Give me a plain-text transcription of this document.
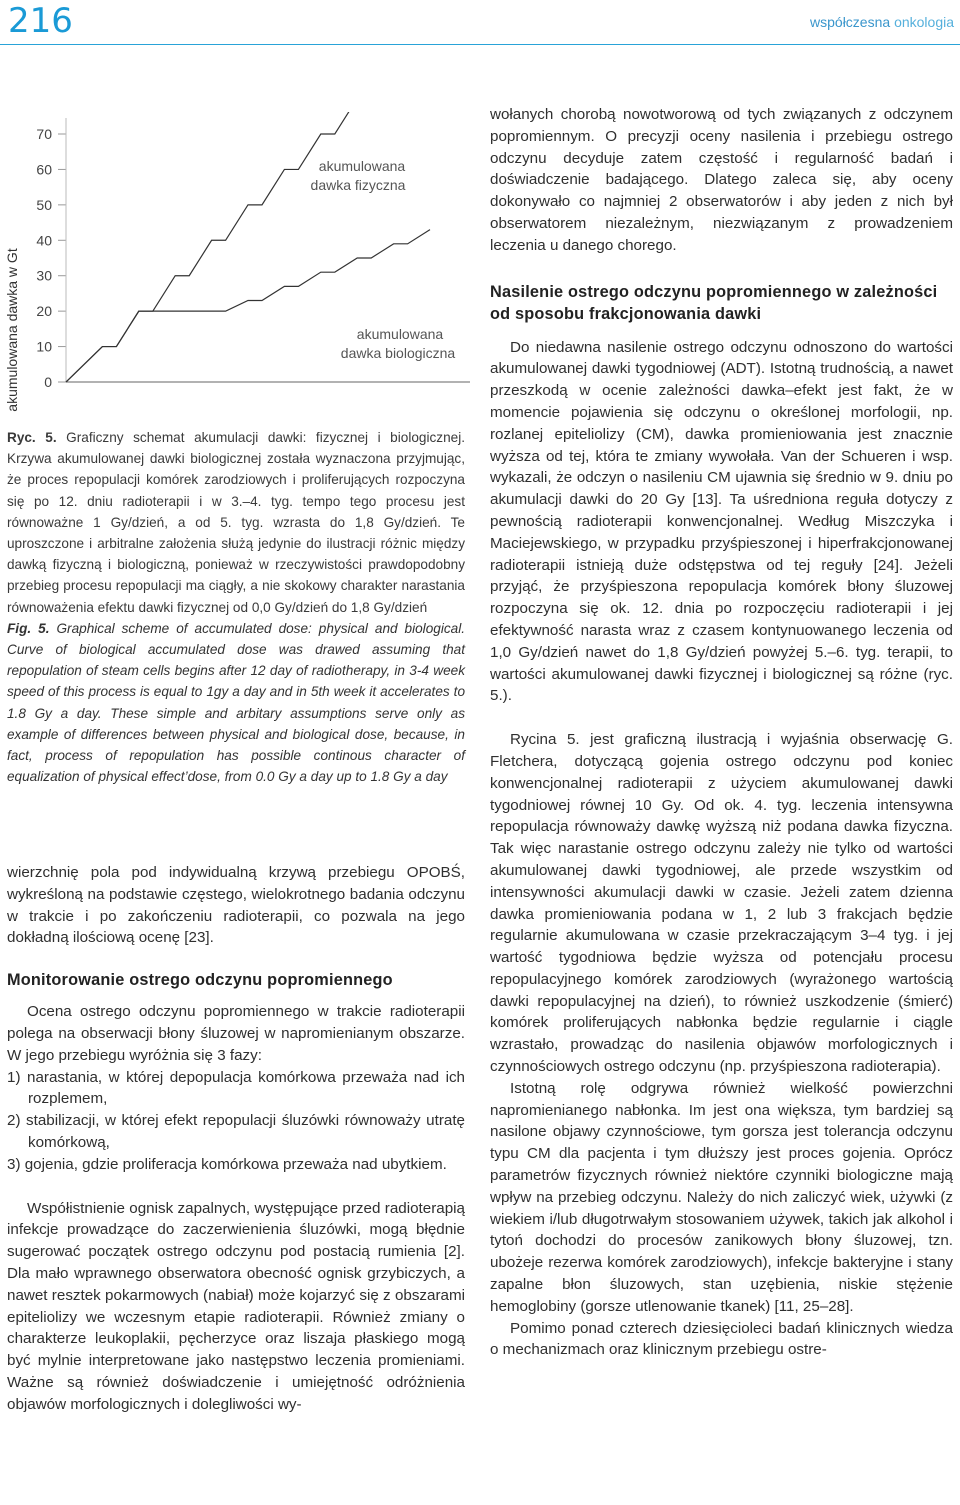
216	współczesna onkologia
akumulowana dawka w Gt 0
10
20
30
40
50
60
70
akumulowana
dawka fizyczna
akumulowana
dawka biologiczna
Ryc. 5. Graficzny schemat akumulacji dawki: fizycznej i biologicznej. Krzywa akumulowanej dawki biologicznej została wyznaczona przyjmując, że proces repopulacji komórek zarodziowych i proliferujących rozpoczyna się po 12. dniu radioterapii i w 3.–4. tyg. tempo tego procesu jest równoważne 1 Gy/dzień, a od 5. tyg. wzrasta do 1,8 Gy/dzień. Te uproszczone i arbitralne założenia służą jedynie do ilustracji różnic między dawką fizyczną i biologiczną, ponieważ w rzeczywistości prawdopodobny przebieg procesu repopulacji ma ciągły, a nie skokowy charakter narastania równoważenia efektu dawki fizycznej od 0,0 Gy/dzień do 1,8 Gy/dzień
Fig. 5. Graphical scheme of accumulated dose: physical and biological. Curve of biological accumulated dose was drawed assuming that repopulation of steam cells begins after 12 day of radiotherapy, in 3-4 week speed of this process is equal to 1gy a day and in 5th week it accelerates to 1.8 Gy a day. These simple and arbitary assumptions serve only as example of differences between physical and biological dose, because, in fact, process of repopulation has possible continous character of equalization of physical effect’dose, from 0.0 Gy a day up to 1.8 Gy a day
wierzchnię pola pod indywidualną krzywą przebiegu OPOBŚ, wykreśloną na podstawie częstego, wielokrotnego badania odczynu w trakcie i po zakończeniu radioterapii, co pozwala na jego dokładną ilościową ocenę [23].
Monitorowanie ostrego odczynu popromiennego
Ocena ostrego odczynu popromiennego w trakcie radioterapii polega na obserwacji błony śluzowej w napromienianym obszarze. W jego przebiegu wyróżnia się 3 fazy:
1) narastania, w której depopulacja komórkowa przeważa nad ich rozplemem,
2) stabilizacji, w której efekt repopulacji śluzówki równoważy utratę komórkową,
3) gojenia, gdzie proliferacja komórkowa przeważa nad ubytkiem.
Współistnienie ognisk zapalnych, występujące przed radioterapią infekcje prowadzące do zaczerwienienia śluzówki, mogą błędnie sugerować początek ostrego odczynu pod postacią rumienia [2]. Dla mało wprawnego obserwatora obecność ognisk grzybiczych, a nawet resztek pokarmowych (nabiał) może kojarzyć się z obszarami epiteliolizy we wczesnym etapie radioterapii. Również zmiany o charakterze leukoplakii, pęcherzyce oraz liszaja płaskiego mogą być mylnie interpretowane jako następstwo leczenia promieniami. Ważne są również doświadczenie i umiejętność odróżnienia objawów morfologicznych i dolegliwości wy-
wołanych chorobą nowotworową od tych związanych z odczynem popromiennym. O precyzji oceny nasilenia i przebiegu ostrego odczynu decyduje zatem częstość i regularność badań i doświadczenie badającego. Dlatego zaleca się, aby oceny dokonywało co najmniej 2 obserwatorów i aby jeden z nich był obserwatorem niezależnym, niezwiązanym z prowadzeniem leczenia u danego chorego.
Nasilenie ostrego odczynu popromiennego w zależności od sposobu frakcjonowania dawki
Do niedawna nasilenie ostrego odczynu odnoszono do wartości akumulowanej dawki tygodniowej (ADT). Istotną trudnością, a nawet przeszkodą w ocenie zależności dawka–efekt jest fakt, że w momencie pojawienia się odczynu o określonej morfologii, np. rozlanej epiteliolizy (CM), dawka promieniowania jest znacznie wyższa od tej, która te zmiany wywołała. Van der Schueren i wsp. wykazali, że odczyn o nasileniu CM ujawnia się średnio w 9. dniu po akumulacji dawki do 20 Gy [13]. Ta uśredniona reguła dotyczy z pewnością radioterapii konwencjonalnej. Według Miszczyka i Maciejewskiego, w przypadku przyśpieszonej i hiperfrakcjonowanej radioterapii istnieją duże odstępstwa od tej reguły [24]. Jeżeli przyjąć, że przyśpieszona repopulacja komórek błony śluzowej rozpoczyna się ok. 12. dnia po rozpoczęciu radioterapii i jej efektywność narasta wraz z czasem kontynuowanego leczenia od 1,0 Gy/dzień nawet do 1,8 Gy/dzień powyżej 5.–6. tyg. terapii, to wartości akumulowanej dawki fizycznej i biologicznej są różne (ryc. 5.).
Rycina 5. jest graficzną ilustracją i wyjaśnia obserwację G. Fletchera, dotyczącą gojenia ostrego odczynu pod koniec konwencjonalnej radioterapii z użyciem akumulowanej dawki tygodniowej równej 10 Gy. Od ok. 4. tyg. leczenia intensywna repopulacja równoważy dawkę wyższą niż podana dawka fizyczna. Tak więc narastanie ostrego odczynu zależy nie tylko od wartości akumulowanej dawki tygodniowej, ale przede wszystkim od intensywności akumulacji dawki w czasie. Jeżeli zatem dzienna dawka promieniowania podana w 1, 2 lub 3 frakcjach będzie regularnie akumulowana w czasie przekraczającym 3–4 tyg. i jej wartość tygodniowa będzie wyższa od potencjału procesu repopulacyjnego komórek zarodziowych (wyrażonego wartością dawki repopulacyjnej na dzień), to również uszkodzenie (śmierć) komórek proliferujących nabłonka będzie regularnie i ciągle wzrastało, prowadząc do nasilenia objawów morfologicznych i czynnościowych ostrego odczynu (np. przyśpieszona radioterapia).
Istotną rolę odgrywa również wielkość powierzchni napromienianego nabłonka. Im jest ona większa, tym bardziej są nasilone objawy czynnościowe, tym gorsza jest tolerancja odczynu typu CM dla pacjenta i tym dłuższy jest proces gojenia. Oprócz parametrów fizycznych również niektóre czynniki biologiczne mają wpływ na przebieg odczynu. Należy do nich zaliczyć wiek, używki (z wiekiem i/lub długotrwałym stosowaniem używek, takich jak alkohol i tytoń dochodzi do procesów zanikowych błony śluzowej, tzn. ubożeje rezerwa komórek zarodziowych), infekcje bakteryjne i stany zapalne błon śluzowych, stan uzębienia, niskie stężenie hemoglobiny (gorsze utlenowanie tkanek) [11, 25–28].
Pomimo ponad czterech dziesięcioleci badań klinicznych wiedza o mechanizmach oraz klinicznym przebiegu ostre-
